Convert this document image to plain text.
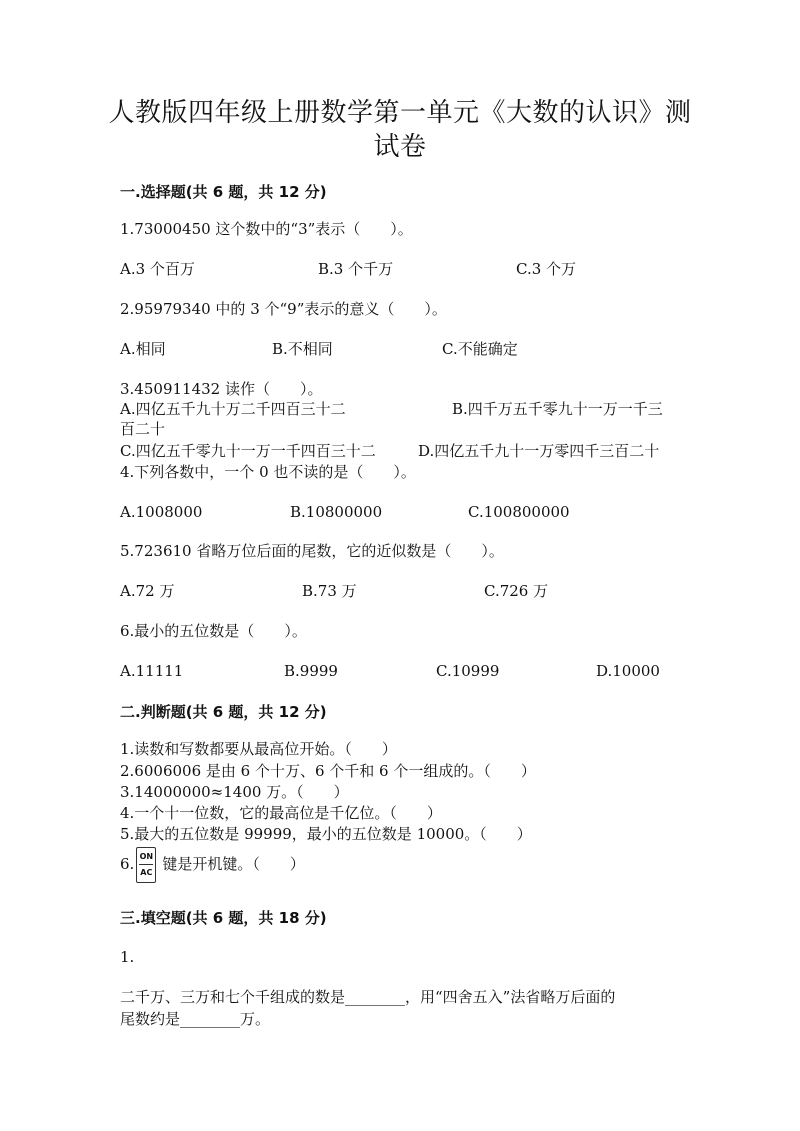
人教版四年级上册数学第一单元《大数的认识》测
试卷
一.选择题(共 6 题，共 12 分)
1.73000450 这个数中的“3”表示（　　）。
A.3 个百万	B.3 个千万	C.3 个万
2.95979340 中的 3 个“9”表示的意义（　　）。
A.相同	B.不相同	C.不能确定
3.450911432 读作（　　）。
A.四亿五千九十万二千四百三十二	B.四千万五千零九十一万一千三
百二十
C.四亿五千零九十一万一千四百三十二	D.四亿五千九十一万零四千三百二十
4.下列各数中，一个 0 也不读的是（　　）。
A.1008000	B.10800000	C.100800000
5.723610 省略万位后面的尾数，它的近似数是（　　）。
A.72 万	B.73 万	C.726 万
6.最小的五位数是（　　）。
A.11111	B.9999	C.10999	D.10000
二.判断题(共 6 题，共 12 分)
1.读数和写数都要从最高位开始。（　　）
2.6006006 是由 6 个十万、6 个千和 6 个一组成的。（　　）
3.14000000≈1400 万。（　　）
4.一个十一位数，它的最高位是千亿位。（　　）
5.最大的五位数是 99999，最小的五位数是 10000。（　　）
6. $\frac{ON}{AC}$ 键是开机键。（　　）
三.填空题(共 6 题，共 18 分)
1.
二千万、三万和七个千组成的数是________，用“四舍五入”法省略万后面的
尾数约是________万。
